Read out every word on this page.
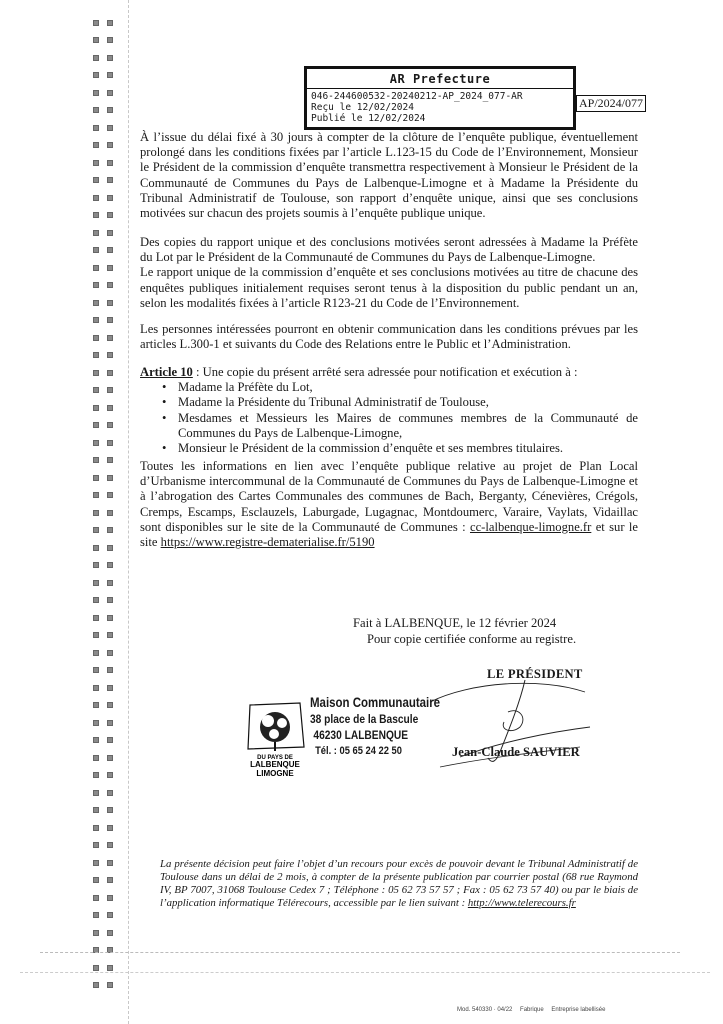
AR Prefecture
046-244600532-20240212-AP_2024_077-AR
Reçu le 12/02/2024
Publié le 12/02/2024
AP/2024/077

À l’issue du délai fixé à 30 jours à compter de la clôture de l’enquête publique, éventuellement prolongé dans les conditions fixées par l’article L.123-15 du Code de l’Environnement, Monsieur le Président de la commission d’enquête transmettra respectivement à Monsieur le Président de la Communauté de Communes du Pays de Lalbenque-Limogne et à Madame la Présidente du Tribunal Administratif de Toulouse, son rapport d’enquête unique, ainsi que ses conclusions motivées sur chacun des projets soumis à l’enquête publique unique.

Des copies du rapport unique et des conclusions motivées seront adressées à Madame la Préfète du Lot par le Président de la Communauté de Communes du Pays de Lalbenque-Limogne.

Le rapport unique de la commission d’enquête et ses conclusions motivées au titre de chacune des enquêtes publiques initialement requises seront tenus à la disposition du public pendant un an, selon les modalités fixées à l’article R123-21 du Code de l’Environnement.

Les personnes intéressées pourront en obtenir communication dans les conditions prévues par les articles L.300-1 et suivants du Code des Relations entre le Public et l’Administration.

Article 10 : Une copie du présent arrêté sera adressée pour notification et exécution à :

• Madame la Préfète du Lot,
• Madame la Présidente du Tribunal Administratif de Toulouse,
• Mesdames et Messieurs les Maires de communes membres de la Communauté de Communes du Pays de Lalbenque-Limogne,
• Monsieur le Président de la commission d’enquête et ses membres titulaires.

Toutes les informations en lien avec l’enquête publique relative au projet de Plan Local d’Urbanisme intercommunal de la Communauté de Communes du Pays de Lalbenque-Limogne et à l’abrogation des Cartes Communales des communes de Bach, Berganty, Cénevières, Crégols, Cremps, Escamps, Esclauzels, Laburgade, Lugagnac, Montdoumerc, Varaire, Vaylats, Vidaillac sont disponibles sur le site de la Communauté de Communes : cc-lalbenque-limogne.fr et sur le site https://www.registre-dematerialise.fr/5190

Fait à LALBENQUE, le 12 février 2024
Pour copie certifiée conforme au registre.
LE PRÉSIDENT
Jean-Claude SAUVIER
DU PAYS DE
LALBENQUE
LIMOGNE
Maison Communautaire
38 place de la Bascule
46230 LALBENQUE
Tél. : 05 65 24 22 50
La présente décision peut faire l’objet d’un recours pour excès de pouvoir devant le Tribunal Administratif de Toulouse dans un délai de 2 mois, à compter de la présente publication par courrier postal (68 rue Raymond IV, BP 7007, 31068 Toulouse Cedex 7 ; Téléphone : 05 62 73 57 57 ; Fax : 05 62 73 57 40) ou par le biais de l’application informatique Télérecours, accessible par le lien suivant : http://www.telerecours.fr
Mod. 540330 · 04/22 Fabrique Entreprise labellisée
